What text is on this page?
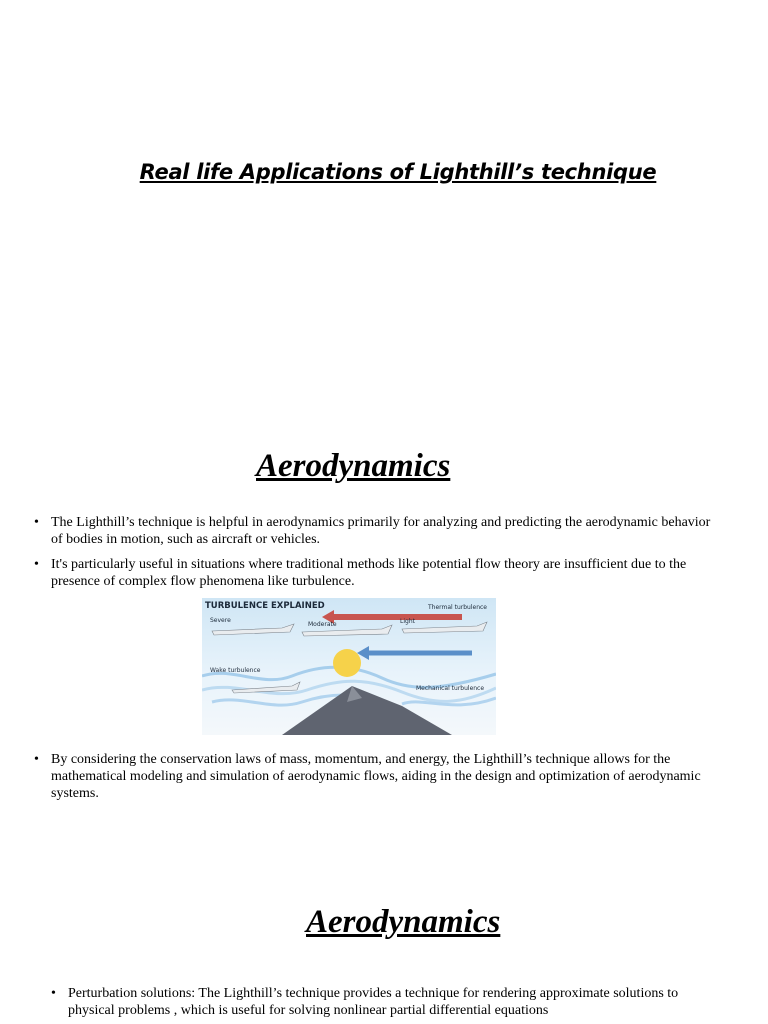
Real life Applications of Lighthill’s technique
Aerodynamics

• The Lighthill’s technique is helpful in aerodynamics primarily for analyzing and predicting the aerodynamic behavior of bodies in motion, such as aircraft or vehicles.

• It's particularly useful in situations where traditional methods like potential flow theory are insufficient due to the presence of complex flow phenomena like turbulence.

TURBULENCE EXPLAINED	Thermal turbulence
Severe
Moderate	Light
Wake turbulence
Mechanical turbulence

• By considering the conservation laws of mass, momentum, and energy, the Lighthill’s technique allows for the mathematical modeling and simulation of aerodynamic flows, aiding in the design and optimization of aerodynamic systems.

Aerodynamics

• Perturbation solutions: The Lighthill’s technique provides a technique for rendering approximate solutions to physical problems , which is useful for solving nonlinear partial differential equations
